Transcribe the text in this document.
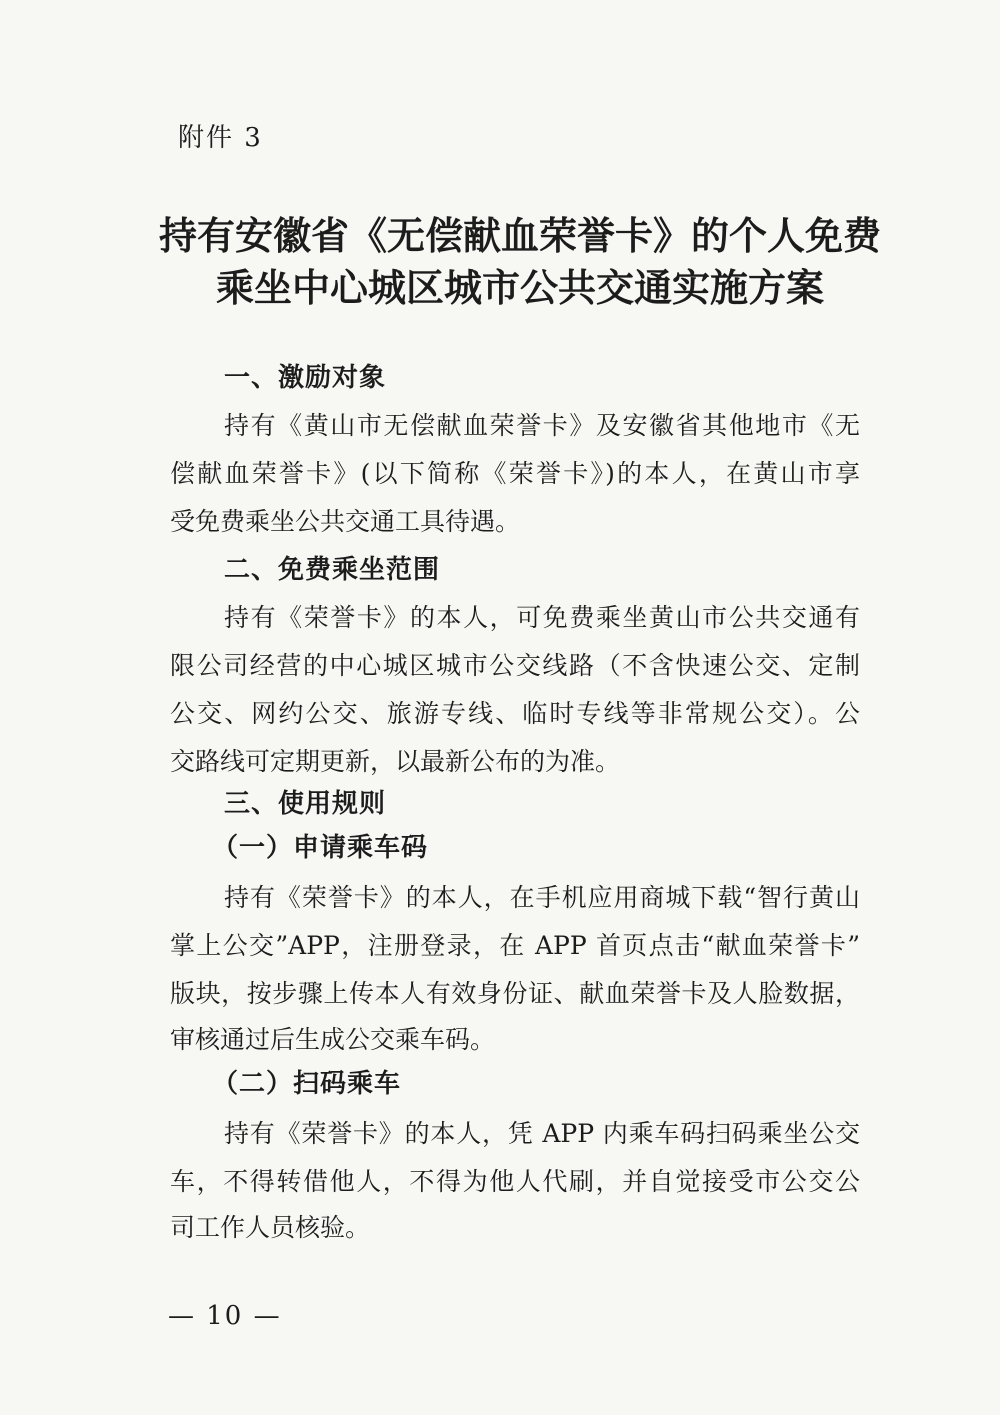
附件 3
持有安徽省《无偿献血荣誉卡》的个人免费
乘坐中心城区城市公共交通实施方案
一、激励对象
持有《黄山市无偿献血荣誉卡》及安徽省其他地市《无
偿献血荣誉卡》(以下简称《荣誉卡》)的本人，在黄山市享
受免费乘坐公共交通工具待遇。
二、免费乘坐范围
持有《荣誉卡》的本人，可免费乘坐黄山市公共交通有
限公司经营的中心城区城市公交线路（不含快速公交、定制
公交、网约公交、旅游专线、临时专线等非常规公交）。公
交路线可定期更新，以最新公布的为准。
三、使用规则
（一）申请乘车码
持有《荣誉卡》的本人，在手机应用商城下载“智行黄山
掌上公交”APP，注册登录，在 APP 首页点击“献血荣誉卡”
版块，按步骤上传本人有效身份证、献血荣誉卡及人脸数据，
审核通过后生成公交乘车码。
（二）扫码乘车
持有《荣誉卡》的本人，凭 APP 内乘车码扫码乘坐公交
车，不得转借他人，不得为他人代刷，并自觉接受市公交公
司工作人员核验。
— 10 —
